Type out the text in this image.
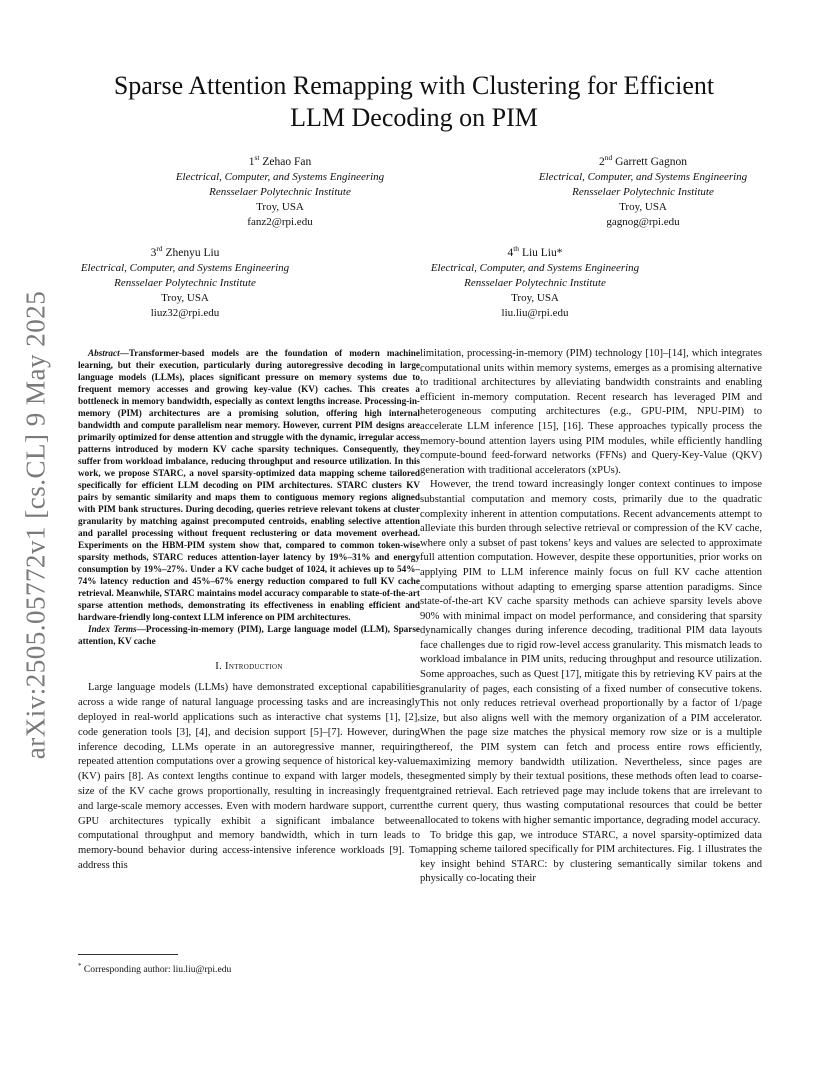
arXiv:2505.05772v1 [cs.CL] 9 May 2025
Sparse Attention Remapping with Clustering for Efficient
LLM Decoding on PIM
1st Zehao Fan
Electrical, Computer, and Systems Engineering
Rensselaer Polytechnic Institute
Troy, USA
fanz2@rpi.edu
2nd Garrett Gagnon
Electrical, Computer, and Systems Engineering
Rensselaer Polytechnic Institute
Troy, USA
gagnog@rpi.edu
3rd Zhenyu Liu
Electrical, Computer, and Systems Engineering
Rensselaer Polytechnic Institute
Troy, USA
liuz32@rpi.edu
4th Liu Liu*
Electrical, Computer, and Systems Engineering
Rensselaer Polytechnic Institute
Troy, USA
liu.liu@rpi.edu

Abstract—Transformer-based models are the foundation of modern machine learning, but their execution, particularly during autoregressive decoding in large language models (LLMs), places significant pressure on memory systems due to frequent memory accesses and growing key-value (KV) caches. This creates a bottleneck in memory bandwidth, especially as context lengths increase. Processing-in-memory (PIM) architectures are a promising solution, offering high internal bandwidth and compute parallelism near memory. However, current PIM designs are primarily optimized for dense attention and struggle with the dynamic, irregular access patterns introduced by modern KV cache sparsity techniques. Consequently, they suffer from workload imbalance, reducing throughput and resource utilization. In this work, we propose STARC, a novel sparsity-optimized data mapping scheme tailored specifically for efficient LLM decoding on PIM architectures. STARC clusters KV pairs by semantic similarity and maps them to contiguous memory regions aligned with PIM bank structures. During decoding, queries retrieve relevant tokens at cluster granularity by matching against precomputed centroids, enabling selective attention and parallel processing without frequent reclustering or data movement overhead. Experiments on the HBM-PIM system show that, compared to common token-wise sparsity methods, STARC reduces attention-layer latency by 19%–31% and energy consumption by 19%–27%. Under a KV cache budget of 1024, it achieves up to 54%–74% latency reduction and 45%–67% energy reduction compared to full KV cache retrieval. Meanwhile, STARC maintains model accuracy comparable to state-of-the-art sparse attention methods, demonstrating its effectiveness in enabling efficient and hardware-friendly long-context LLM inference on PIM architectures.

Index Terms—Processing-in-memory (PIM), Large language model (LLM), Sparse attention, KV cache

I. Introduction

Large language models (LLMs) have demonstrated exceptional capabilities across a wide range of natural language processing tasks and are increasingly deployed in real-world applications such as interactive chat systems [1], [2], code generation tools [3], [4], and decision support [5]–[7]. However, during inference decoding, LLMs operate in an autoregressive manner, requiring repeated attention computations over a growing sequence of historical key-value (KV) pairs [8]. As context lengths continue to expand with larger models, the size of the KV cache grows proportionally, resulting in increasingly frequent and large-scale memory accesses. Even with modern hardware support, current GPU architectures typically exhibit a significant imbalance between computational throughput and memory bandwidth, which in turn leads to memory-bound behavior during access-intensive inference workloads [9]. To address this

* Corresponding author: liu.liu@rpi.edu

limitation, processing-in-memory (PIM) technology [10]–[14], which integrates computational units within memory systems, emerges as a promising alternative to traditional architectures by alleviating bandwidth constraints and enabling efficient in-memory computation. Recent research has leveraged PIM and heterogeneous computing architectures (e.g., GPU-PIM, NPU-PIM) to accelerate LLM inference [15], [16]. These approaches typically process the memory-bound attention layers using PIM modules, while efficiently handling compute-bound feed-forward networks (FFNs) and Query-Key-Value (QKV) generation with traditional accelerators (xPUs).

However, the trend toward increasingly longer context continues to impose substantial computation and memory costs, primarily due to the quadratic complexity inherent in attention computations. Recent advancements attempt to alleviate this burden through selective retrieval or compression of the KV cache, where only a subset of past tokens’ keys and values are selected to approximate full attention computation. However, despite these opportunities, prior works on applying PIM to LLM inference mainly focus on full KV cache attention computations without adapting to emerging sparse attention paradigms. Since state-of-the-art KV cache sparsity methods can achieve sparsity levels above 90% with minimal impact on model performance, and considering that sparsity dynamically changes during inference decoding, traditional PIM data layouts face challenges due to rigid row-level access granularity. This mismatch leads to workload imbalance in PIM units, reducing throughput and resource utilization. Some approaches, such as Quest [17], mitigate this by retrieving KV pairs at the granularity of pages, each consisting of a fixed number of consecutive tokens. This not only reduces retrieval overhead proportionally by a factor of 1/page size, but also aligns well with the memory organization of a PIM accelerator. When the page size matches the physical memory row size or is a multiple thereof, the PIM system can fetch and process entire rows efficiently, maximizing memory bandwidth utilization. Nevertheless, since pages are segmented simply by their textual positions, these methods often lead to coarse-grained retrieval. Each retrieved page may include tokens that are irrelevant to the current query, thus wasting computational resources that could be better allocated to tokens with higher semantic importance, degrading model accuracy.

To bridge this gap, we introduce STARC, a novel sparsity-optimized data mapping scheme tailored specifically for PIM architectures. Fig. 1 illustrates the key insight behind STARC: by clustering semantically similar tokens and physically co-locating their
